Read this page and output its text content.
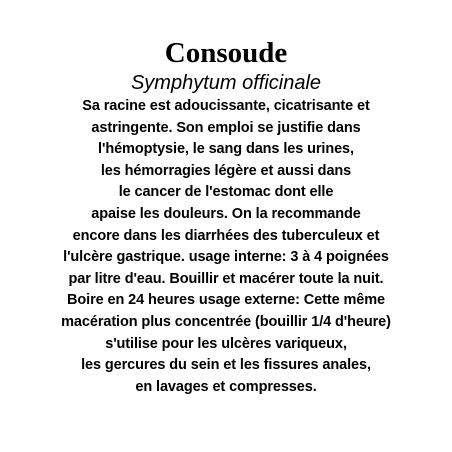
Consoude
Symphytum officinale
Sa racine est adoucissante, cicatrisante et
astringente. Son emploi se justifie dans
l'hémoptysie, le sang dans les urines,
les hémorragies légère et aussi dans
le cancer de l'estomac dont elle
apaise les douleurs. On la recommande
encore dans les diarrhées des tuberculeux et
l'ulcère gastrique. usage interne: 3 à 4 poignées
par litre d'eau. Bouillir et macérer toute la nuit.
Boire en 24 heures usage externe: Cette même
macération plus concentrée (bouillir 1/4 d'heure)
s'utilise pour les ulcères variqueux,
les gercures du sein et les fissures anales,
en lavages et compresses.
